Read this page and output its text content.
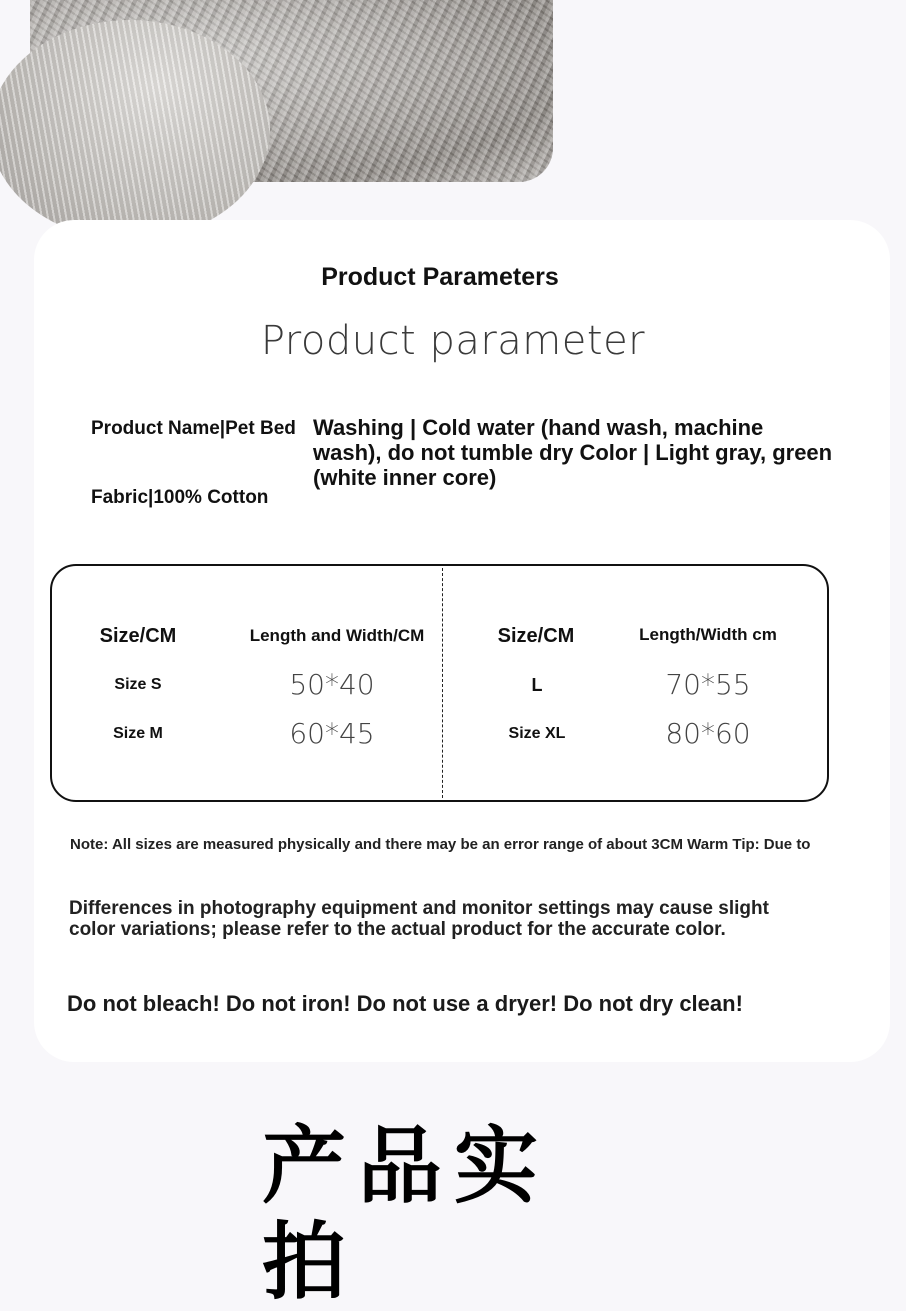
Product Parameters
Product parameter
Product Name|Pet Bed
Fabric|100% Cotton
Washing | Cold water (hand wash, machine wash), do not tumble dry Color | Light gray, green (white inner core)
Size/CM	Length and Width/CM
Size S	50*40
Size M	60*45
Size/CM	Length/Width cm
L	70*55
Size XL	80*60
Note: All sizes are measured physically and there may be an error range of about 3CM Warm Tip: Due to
Differences in photography equipment and monitor settings may cause slight color variations; please refer to the actual product for the accurate color.
Do not bleach! Do not iron! Do not use a dryer! Do not dry clean!
产品实拍
